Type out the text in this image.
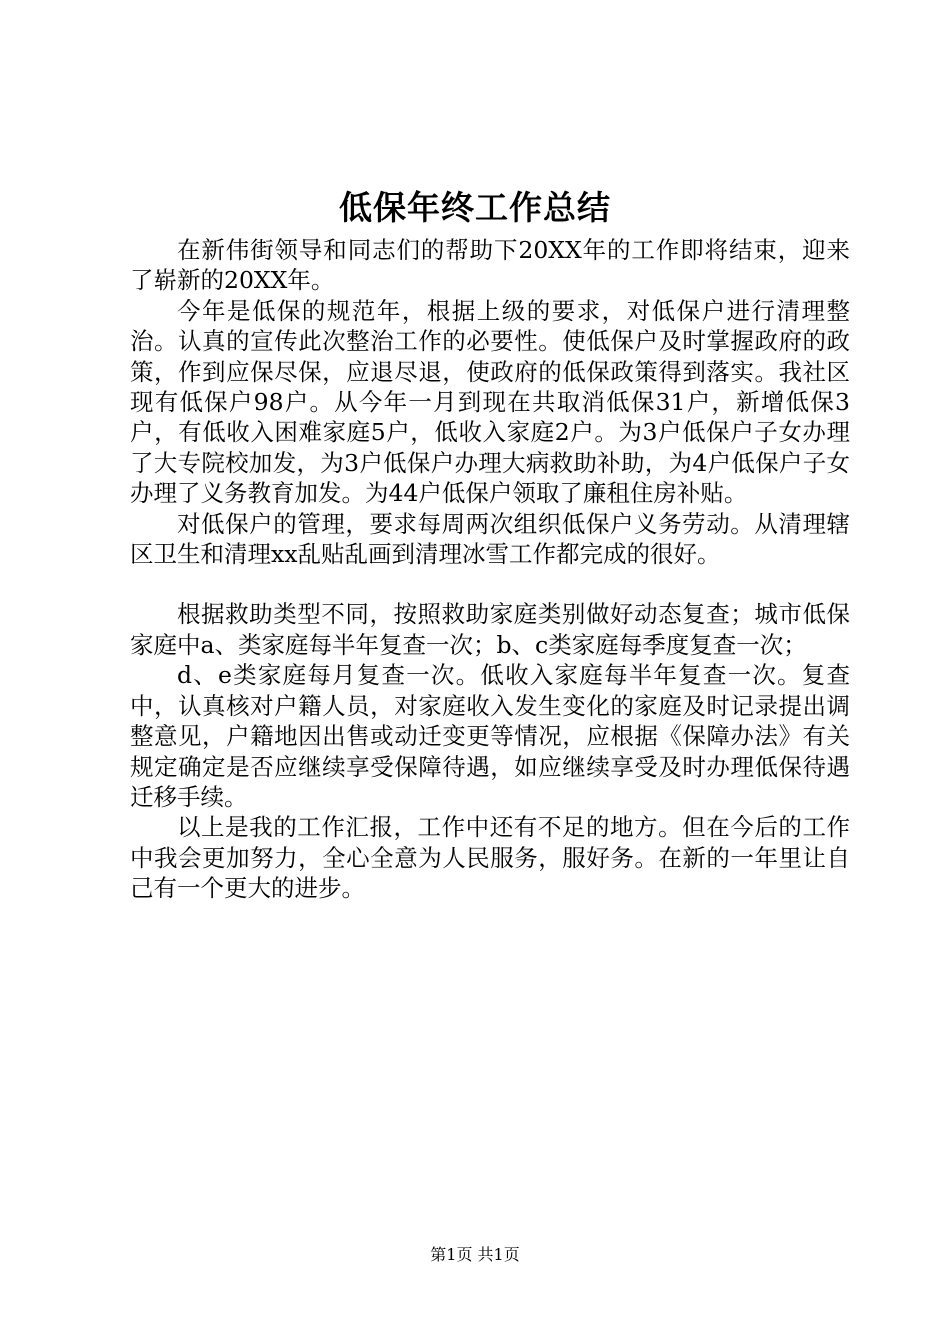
低保年终工作总结

在新伟街领导和同志们的帮助下20XX年的工作即将结束，迎来了崭新的20XX年。

今年是低保的规范年，根据上级的要求，对低保户进行清理整治。认真的宣传此次整治工作的必要性。使低保户及时掌握政府的政策，作到应保尽保，应退尽退，使政府的低保政策得到落实。我社区现有低保户98户。从今年一月到现在共取消低保31户，新增低保3户，有低收入困难家庭5户，低收入家庭2户。为3户低保户子女办理了大专院校加发，为3户低保户办理大病救助补助，为4户低保户子女办理了义务教育加发。为44户低保户领取了廉租住房补贴。

对低保户的管理，要求每周两次组织低保户义务劳动。从清理辖区卫生和清理xx乱贴乱画到清理冰雪工作都完成的很好。

根据救助类型不同，按照救助家庭类别做好动态复查；城市低保家庭中a、类家庭每半年复查一次；b、c类家庭每季度复查一次；

d、e类家庭每月复查一次。低收入家庭每半年复查一次。复查中，认真核对户籍人员，对家庭收入发生变化的家庭及时记录提出调整意见，户籍地因出售或动迁变更等情况，应根据《保障办法》有关规定确定是否应继续享受保障待遇，如应继续享受及时办理低保待遇迁移手续。

以上是我的工作汇报，工作中还有不足的地方。但在今后的工作中我会更加努力，全心全意为人民服务，服好务。在新的一年里让自己有一个更大的进步。

第1页 共1页
